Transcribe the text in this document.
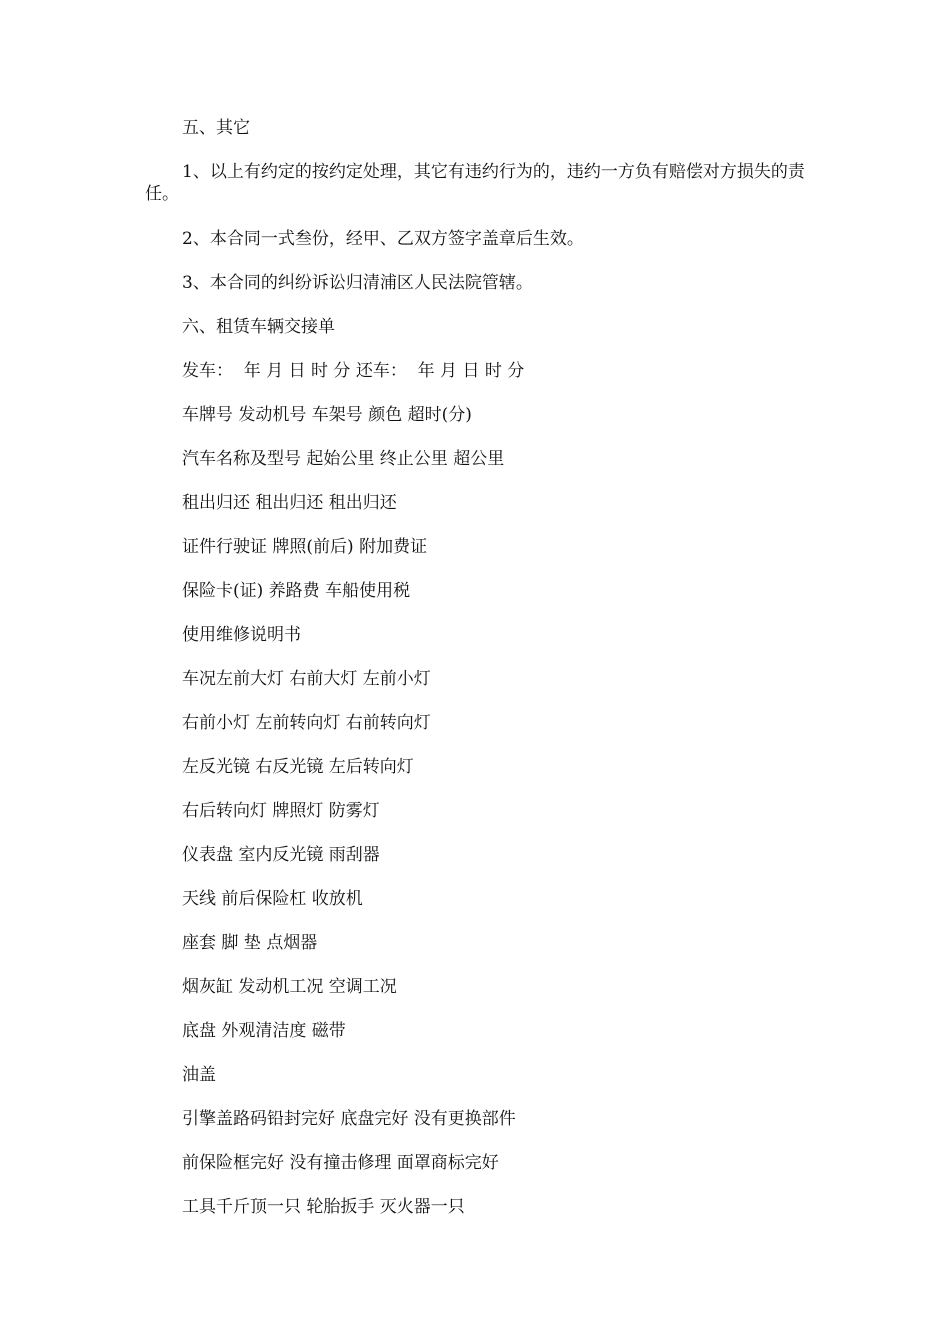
五、其它

1、以上有约定的按约定处理，其它有违约行为的，违约一方负有赔偿对方损失的责任。

2、本合同一式叁份，经甲、乙双方签字盖章后生效。

3、本合同的纠纷诉讼归清浦区人民法院管辖。

六、租赁车辆交接单

发车：  年 月 日 时 分 还车：  年 月 日 时 分

车牌号 发动机号 车架号 颜色 超时(分)

汽车名称及型号 起始公里 终止公里 超公里

租出归还 租出归还 租出归还

证件行驶证 牌照(前后) 附加费证

保险卡(证) 养路费 车船使用税

使用维修说明书

车况左前大灯 右前大灯 左前小灯

右前小灯 左前转向灯 右前转向灯

左反光镜 右反光镜 左后转向灯

右后转向灯 牌照灯 防雾灯

仪表盘 室内反光镜 雨刮器

天线 前后保险杠 收放机

座套 脚 垫 点烟器

烟灰缸 发动机工况 空调工况

底盘 外观清洁度 磁带

油盖

引擎盖路码铅封完好 底盘完好 没有更换部件

前保险框完好 没有撞击修理 面罩商标完好

工具千斤顶一只 轮胎扳手 灭火器一只
